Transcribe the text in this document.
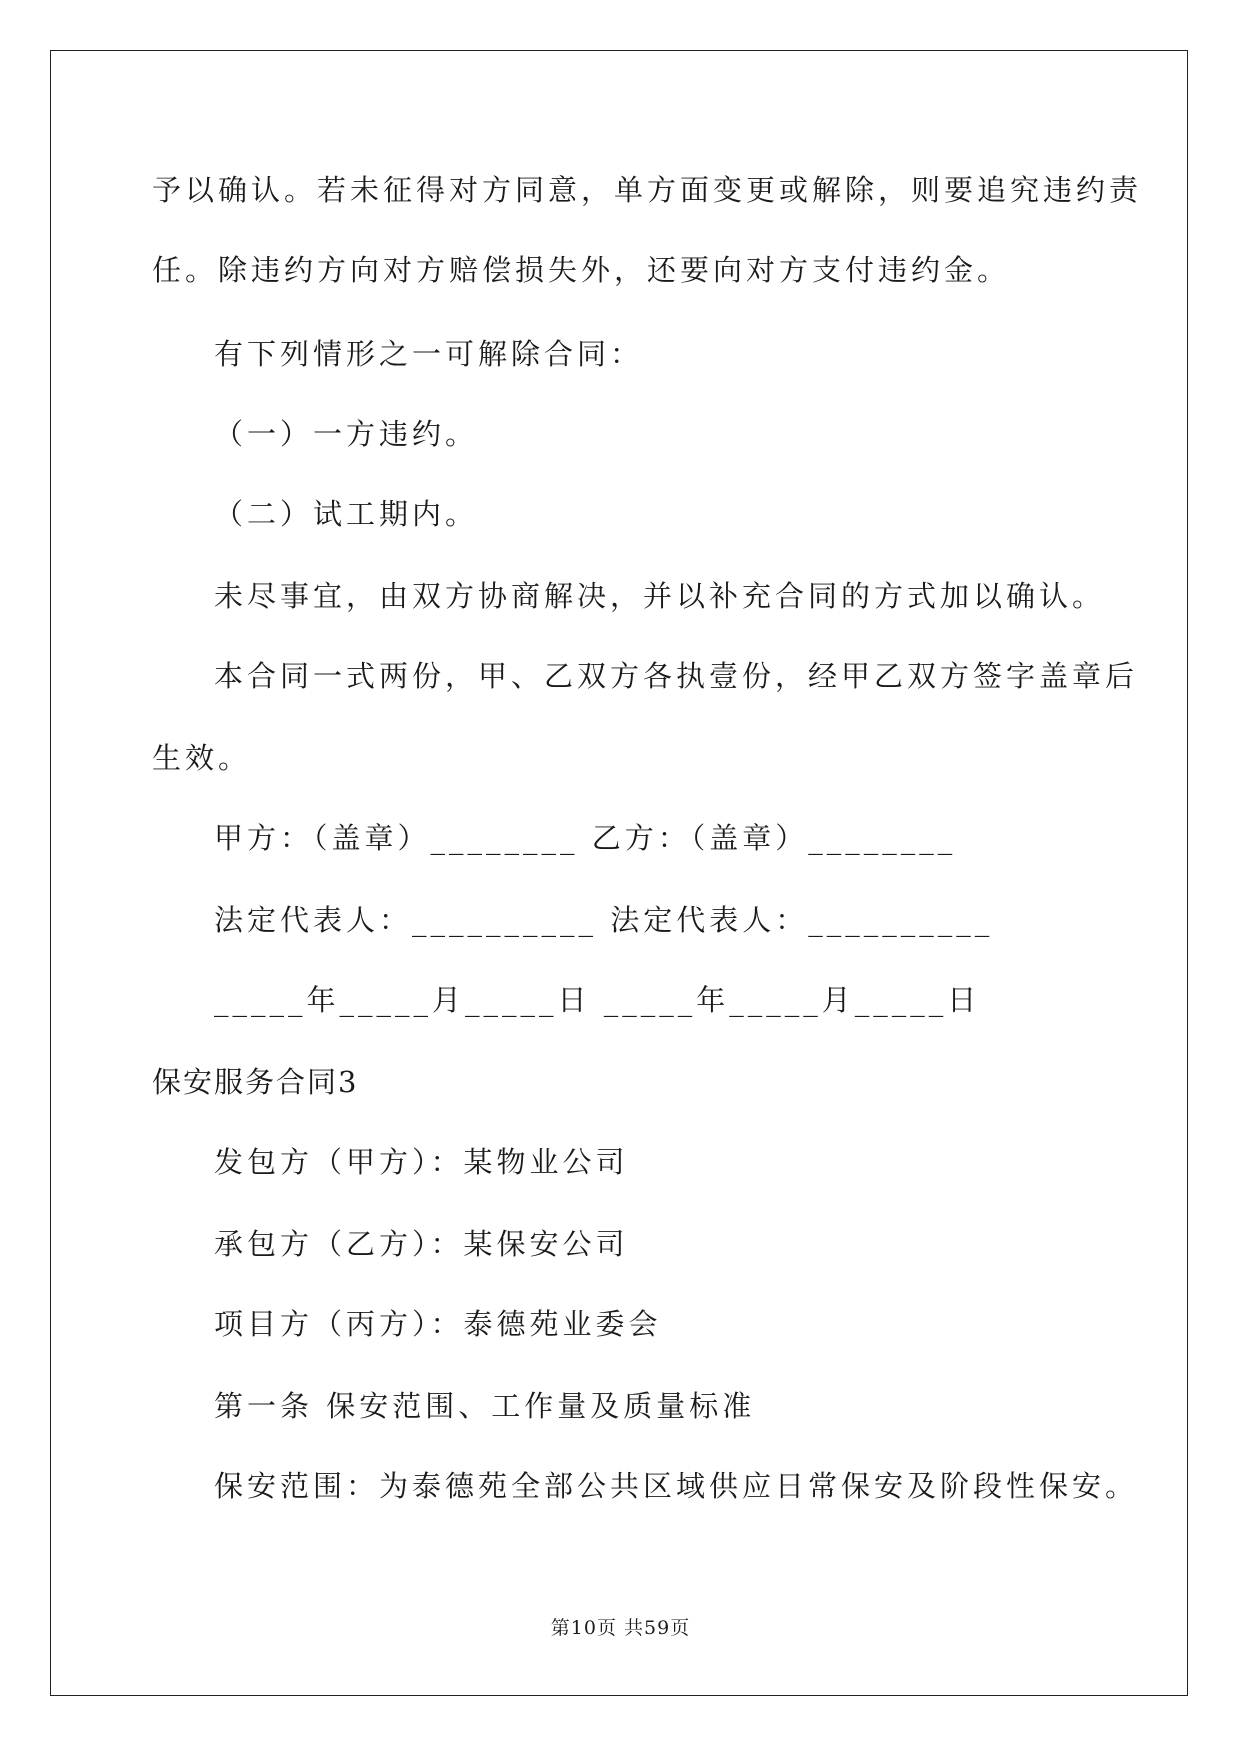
予以确认。若未征得对方同意，单方面变更或解除，则要追究违约责
任。除违约方向对方赔偿损失外，还要向对方支付违约金。
有下列情形之一可解除合同：
（一）一方违约。
（二）试工期内。
未尽事宜，由双方协商解决，并以补充合同的方式加以确认。
本合同一式两份，甲、乙双方各执壹份，经甲乙双方签字盖章后
生效。
甲方：（盖章）________ 乙方：（盖章）________
法定代表人：__________ 法定代表人：__________
_____年_____月_____日 _____年_____月_____日
保安服务合同3
发包方（甲方）：某物业公司
承包方（乙方）：某保安公司
项目方（丙方）：泰德苑业委会
第一条 保安范围、工作量及质量标准
保安范围：为泰德苑全部公共区域供应日常保安及阶段性保安。
第10页 共59页
